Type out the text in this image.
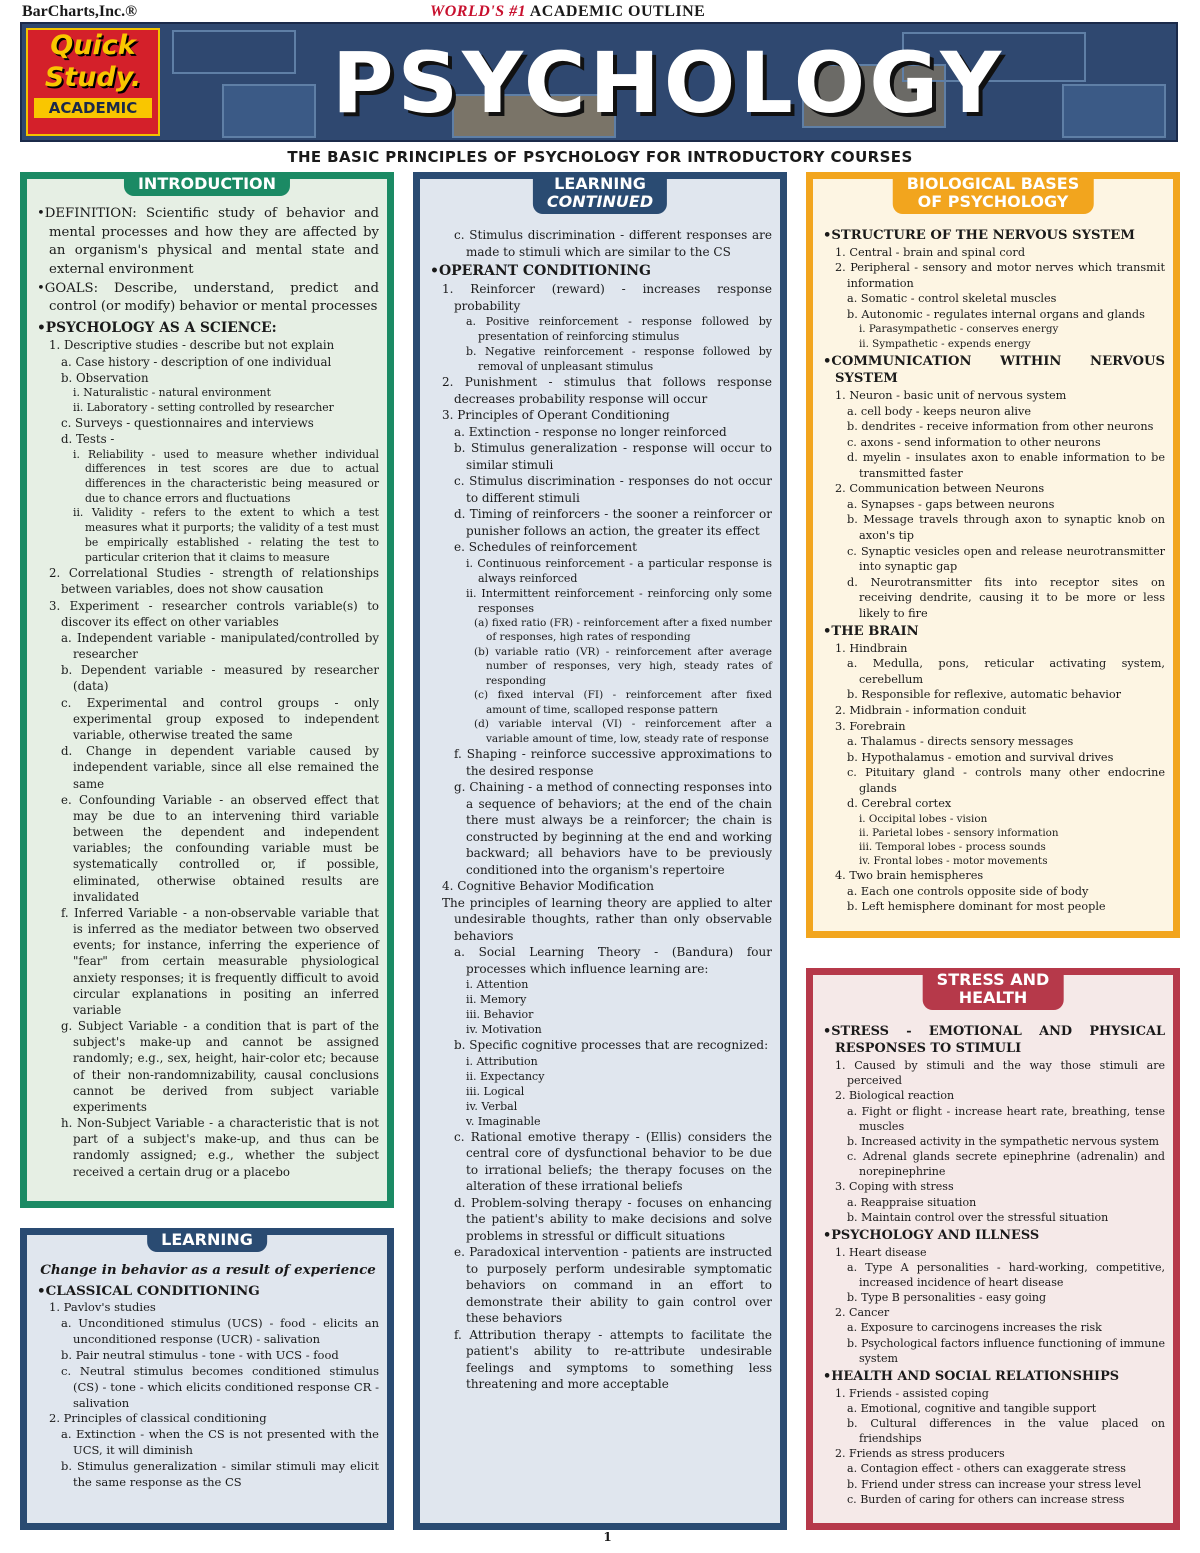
BarCharts,Inc.®	WORLD'S #1 ACADEMIC OUTLINE
Quick
Study.
ACADEMIC PSYCHOLOGY
THE BASIC PRINCIPLES OF PSYCHOLOGY FOR INTRODUCTORY COURSES
INTRODUCTION
•DEFINITION: Scientific study of behavior and mental processes and how they are affected by an organism's physical and mental state and external environment
•GOALS: Describe, understand, predict and control (or modify) behavior or mental processes
•PSYCHOLOGY AS A SCIENCE:
1. Descriptive studies - describe but not explain
a. Case history - description of one individual
b. Observation
i. Naturalistic - natural environment
ii. Laboratory - setting controlled by researcher
c. Surveys - questionnaires and interviews
d. Tests -
i. Reliability - used to measure whether individual differences in test scores are due to actual differences in the characteristic being measured or due to chance errors and fluctuations
ii. Validity - refers to the extent to which a test measures what it purports; the validity of a test must be empirically established - relating the test to particular criterion that it claims to measure
2. Correlational Studies - strength of relationships between variables, does not show causation
3. Experiment - researcher controls variable(s) to discover its effect on other variables
a. Independent variable - manipulated/controlled by researcher
b. Dependent variable - measured by researcher (data)
c. Experimental and control groups - only experimental group exposed to independent variable, otherwise treated the same
d. Change in dependent variable caused by independent variable, since all else remained the same
e. Confounding Variable - an observed effect that may be due to an intervening third variable between the dependent and independent variables; the confounding variable must be systematically controlled or, if possible, eliminated, otherwise obtained results are invalidated
f. Inferred Variable - a non-observable variable that is inferred as the mediator between two observed events; for instance, inferring the experience of "fear" from certain measurable physiological anxiety responses; it is frequently difficult to avoid circular explanations in positing an inferred variable
g. Subject Variable - a condition that is part of the subject's make-up and cannot be assigned randomly; e.g., sex, height, hair-color etc; because of their non-randomnizability, causal conclusions cannot be derived from subject variable experiments
h. Non-Subject Variable - a characteristic that is not part of a subject's make-up, and thus can be randomly assigned; e.g., whether the subject received a certain drug or a placebo
LEARNING
Change in behavior as a result of experience
•CLASSICAL CONDITIONING
1. Pavlov's studies
a. Unconditioned stimulus (UCS) - food - elicits an unconditioned response (UCR) - salivation
b. Pair neutral stimulus - tone - with UCS - food
c. Neutral stimulus becomes conditioned stimulus (CS) - tone - which elicits conditioned response CR - salivation
2. Principles of classical conditioning
a. Extinction - when the CS is not presented with the UCS, it will diminish
b. Stimulus generalization - similar stimuli may elicit the same response as the CS
LEARNING
CONTINUED
c. Stimulus discrimination - different responses are made to stimuli which are similar to the CS
•OPERANT CONDITIONING
1. Reinforcer (reward) - increases response probability
a. Positive reinforcement - response followed by presentation of reinforcing stimulus
b. Negative reinforcement - response followed by removal of unpleasant stimulus
2. Punishment - stimulus that follows response decreases probability response will occur
3. Principles of Operant Conditioning
a. Extinction - response no longer reinforced
b. Stimulus generalization - response will occur to similar stimuli
c. Stimulus discrimination - responses do not occur to different stimuli
d. Timing of reinforcers - the sooner a reinforcer or punisher follows an action, the greater its effect
e. Schedules of reinforcement
i. Continuous reinforcement - a particular response is always reinforced
ii. Intermittent reinforcement - reinforcing only some responses
(a) fixed ratio (FR) - reinforcement after a fixed number of responses, high rates of responding
(b) variable ratio (VR) - reinforcement after average number of responses, very high, steady rates of responding
(c) fixed interval (FI) - reinforcement after fixed amount of time, scalloped response pattern
(d) variable interval (VI) - reinforcement after a variable amount of time, low, steady rate of response
f. Shaping - reinforce successive approximations to the desired response
g. Chaining - a method of connecting responses into a sequence of behaviors; at the end of the chain there must always be a reinforcer; the chain is constructed by beginning at the end and working backward; all behaviors have to be previously conditioned into the organism's repertoire
4. Cognitive Behavior Modification
The principles of learning theory are applied to alter undesirable thoughts, rather than only observable behaviors
a. Social Learning Theory - (Bandura) four processes which influence learning are:
i. Attention
ii. Memory
iii. Behavior
iv. Motivation
b. Specific cognitive processes that are recognized:
i. Attribution
ii. Expectancy
iii. Logical
iv. Verbal
v. Imaginable
c. Rational emotive therapy - (Ellis) considers the central core of dysfunctional behavior to be due to irrational beliefs; the therapy focuses on the alteration of these irrational beliefs
d. Problem-solving therapy - focuses on enhancing the patient's ability to make decisions and solve problems in stressful or difficult situations
e. Paradoxical intervention - patients are instructed to purposely perform undesirable symptomatic behaviors on command in an effort to demonstrate their ability to gain control over these behaviors
f. Attribution therapy - attempts to facilitate the patient's ability to re-attribute undesirable feelings and symptoms to something less threatening and more acceptable
BIOLOGICAL BASES
OF PSYCHOLOGY
•STRUCTURE OF THE NERVOUS SYSTEM
1. Central - brain and spinal cord
2. Peripheral - sensory and motor nerves which transmit information
a. Somatic - control skeletal muscles
b. Autonomic - regulates internal organs and glands
i. Parasympathetic - conserves energy
ii. Sympathetic - expends energy
•COMMUNICATION WITHIN NERVOUS SYSTEM
1. Neuron - basic unit of nervous system
a. cell body - keeps neuron alive
b. dendrites - receive information from other neurons
c. axons - send information to other neurons
d. myelin - insulates axon to enable information to be transmitted faster
2. Communication between Neurons
a. Synapses - gaps between neurons
b. Message travels through axon to synaptic knob on axon's tip
c. Synaptic vesicles open and release neurotransmitter into synaptic gap
d. Neurotransmitter fits into receptor sites on receiving dendrite, causing it to be more or less likely to fire
•THE BRAIN
1. Hindbrain
a. Medulla, pons, reticular activating system, cerebellum
b. Responsible for reflexive, automatic behavior
2. Midbrain - information conduit
3. Forebrain
a. Thalamus - directs sensory messages
b. Hypothalamus - emotion and survival drives
c. Pituitary gland - controls many other endocrine glands
d. Cerebral cortex
i. Occipital lobes - vision
ii. Parietal lobes - sensory information
iii. Temporal lobes - process sounds
iv. Frontal lobes - motor movements
4. Two brain hemispheres
a. Each one controls opposite side of body
b. Left hemisphere dominant for most people
STRESS AND
HEALTH
•STRESS - EMOTIONAL AND PHYSICAL RESPONSES TO STIMULI
1. Caused by stimuli and the way those stimuli are perceived
2. Biological reaction
a. Fight or flight - increase heart rate, breathing, tense muscles
b. Increased activity in the sympathetic nervous system
c. Adrenal glands secrete epinephrine (adrenalin) and norepinephrine
3. Coping with stress
a. Reappraise situation
b. Maintain control over the stressful situation
•PSYCHOLOGY AND ILLNESS
1. Heart disease
a. Type A personalities - hard-working, competitive, increased incidence of heart disease
b. Type B personalities - easy going
2. Cancer
a. Exposure to carcinogens increases the risk
b. Psychological factors influence functioning of immune system
•HEALTH AND SOCIAL RELATIONSHIPS
1. Friends - assisted coping
a. Emotional, cognitive and tangible support
b. Cultural differences in the value placed on friendships
2. Friends as stress producers
a. Contagion effect - others can exaggerate stress
b. Friend under stress can increase your stress level
c. Burden of caring for others can increase stress
1
